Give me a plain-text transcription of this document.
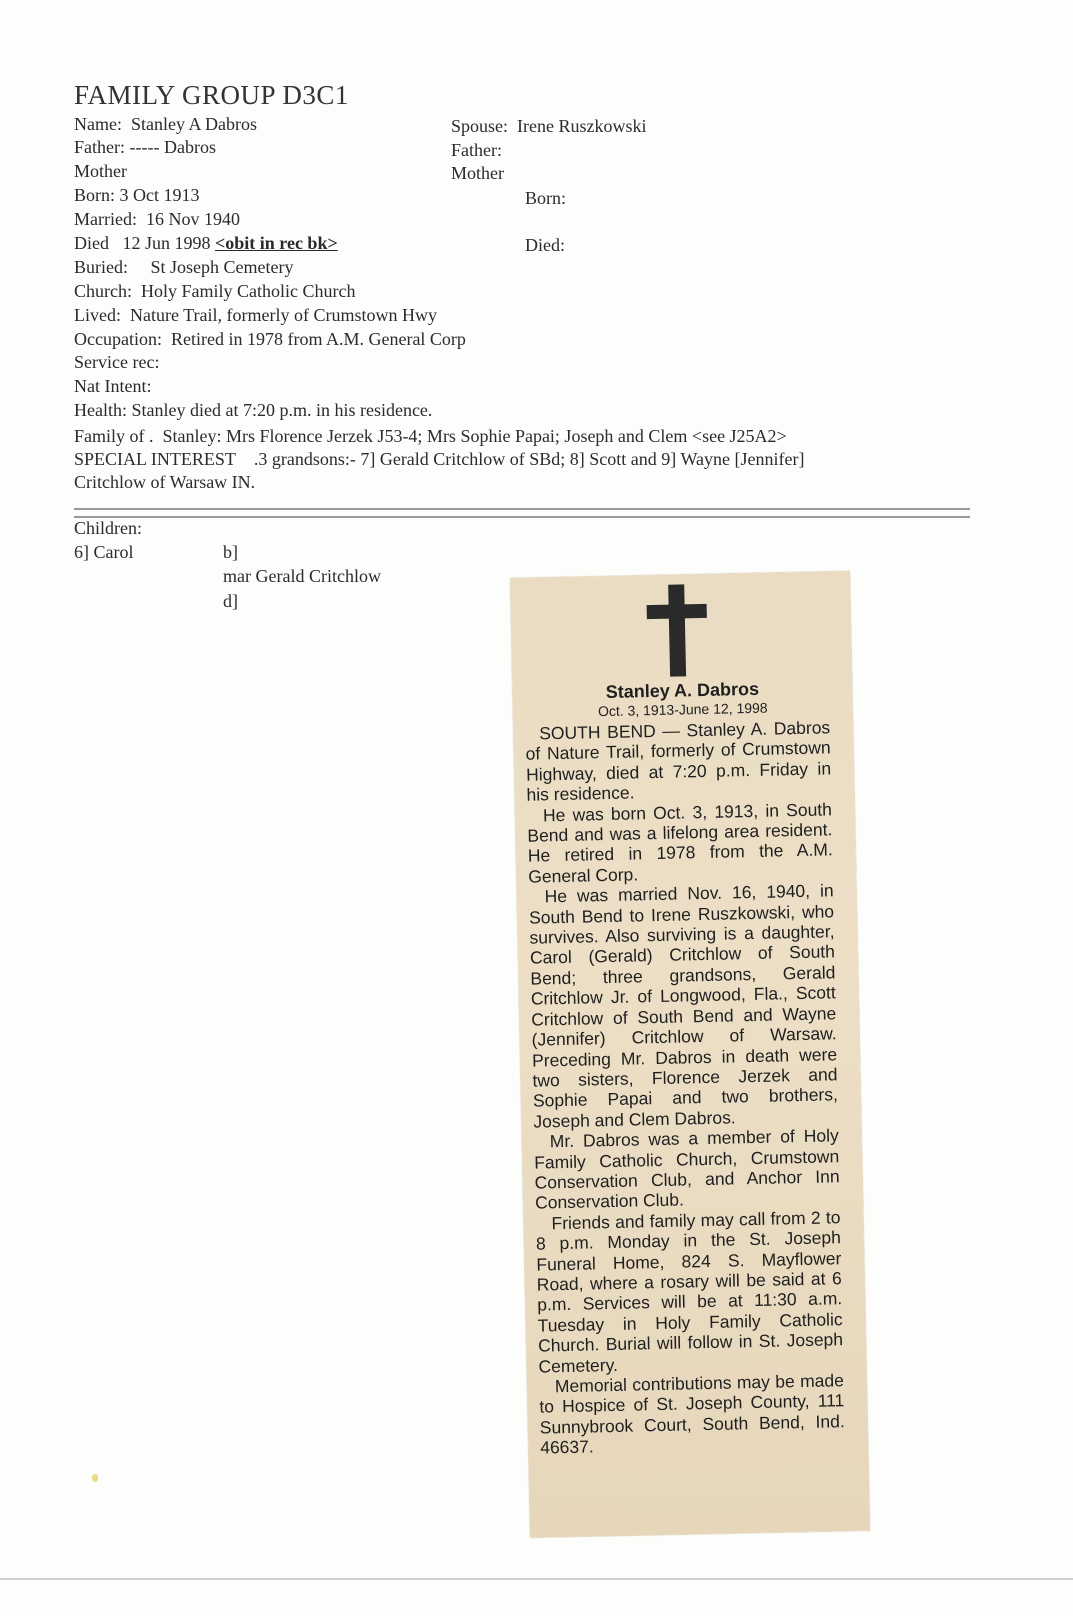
FAMILY GROUP D3C1
Name: Stanley A Dabros
Father: ----- Dabros
Mother
Born: 3 Oct 1913
Married: 16 Nov 1940
Died 12 Jun 1998 <obit in rec bk>
Buried: St Joseph Cemetery
Church: Holy Family Catholic Church
Lived: Nature Trail, formerly of Crumstown Hwy
Occupation: Retired in 1978 from A.M. General Corp
Service rec:
Nat Intent:
Health: Stanley died at 7:20 p.m. in his residence.
Family of . Stanley: Mrs Florence Jerzek J53-4; Mrs Sophie Papai; Joseph and Clem <see J25A2>
SPECIAL INTEREST .3 grandsons:- 7] Gerald Critchlow of SBd; 8] Scott and 9] Wayne [Jennifer]
Critchlow of Warsaw IN.
Spouse: Irene Ruszkowski
Father:
Mother
Born:
Died:
Children:
6] Carol	b]
mar Gerald Critchlow
d]
Stanley A. Dabros
Oct. 3, 1913-June 12, 1998

SOUTH BEND — Stanley A. Dabros of Nature Trail, formerly of Crumstown Highway, died at 7:20 p.m. Friday in his residence.

He was born Oct. 3, 1913, in South Bend and was a lifelong area resident. He retired in 1978 from the A.M. General Corp.

He was married Nov. 16, 1940, in South Bend to Irene Ruszkowski, who survives. Also surviving is a daughter, Carol (Gerald) Critchlow of South Bend; three grandsons, Gerald Critchlow Jr. of Longwood, Fla., Scott Critchlow of South Bend and Wayne (Jennifer) Critchlow of Warsaw. Preceding Mr. Dabros in death were two sisters, Florence Jerzek and Sophie Papai and two brothers, Joseph and Clem Dabros.

Mr. Dabros was a member of Holy Family Catholic Church, Crumstown Conservation Club, and Anchor Inn Conservation Club.

Friends and family may call from 2 to 8 p.m. Monday in the St. Joseph Funeral Home, 824 S. Mayflower Road, where a rosary will be said at 6 p.m. Services will be at 11:30 a.m. Tuesday in Holy Family Catholic Church. Burial will follow in St. Joseph Cemetery.

Memorial contributions may be made to Hospice of St. Joseph County, 111 Sunnybrook Court, South Bend, Ind. 46637.
